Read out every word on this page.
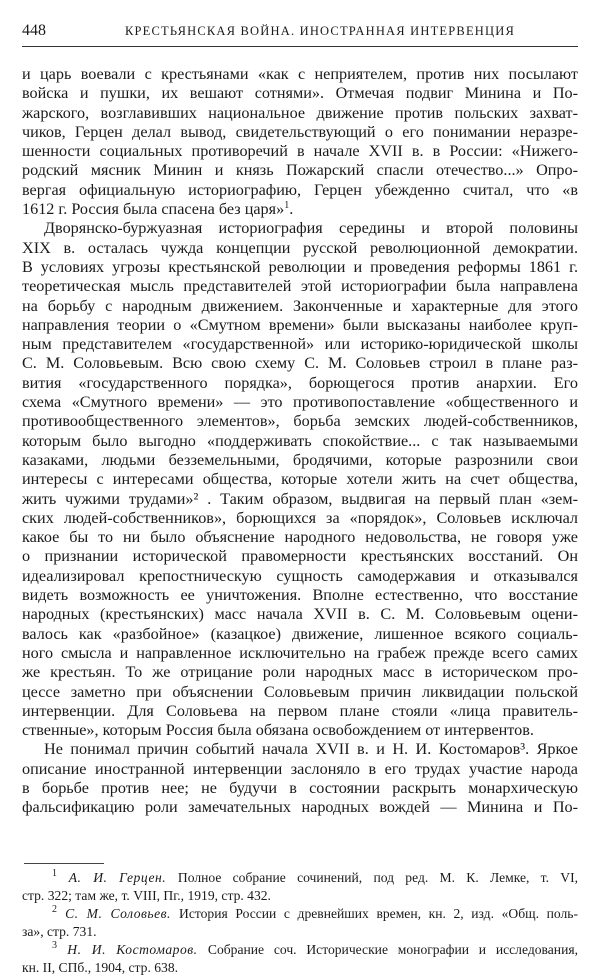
448	КРЕСТЬЯНСКАЯ ВОЙНА. ИНОСТРАННАЯ ИНТЕРВЕНЦИЯ
и царь воевали с крестьянами «как с неприятелем, против них посылают
войска и пушки, их вешают сотнями». Отмечая подвиг Минина и По-
жарского, возглавивших национальное движение против польских захват-
чиков, Герцен делал вывод, свидетельствующий о его понимании неразре-
шенности социальных противоречий в начале XVII в. в России: «Нижего-
родский мясник Минин и князь Пожарский спасли отечество...» Опро-
вергая официальную историографию, Герцен убежденно считал, что «в
1612 г. Россия была спасена без царя»$^1$.
Дворянско-буржуазная историография середины и второй половины
XIX в. осталась чужда концепции русской революционной демократии.
В условиях угрозы крестьянской революции и проведения реформы 1861 г.
теоретическая мысль представителей этой историографии была направлена
на борьбу с народным движением. Законченные и характерные для этого
направления теории о «Смутном времени» были высказаны наиболее круп-
ным представителем «государственной» или историко-юридической школы
С. М. Соловьевым. Всю свою схему С. М. Соловьев строил в плане раз-
вития «государственного порядка», борющегося против анархии. Его
схема «Смутного времени» — это противопоставление «общественного и
противообщественного элементов», борьба земских людей-собственников,
которым было выгодно «поддерживать спокойствие... с так называемыми
казаками, людьми безземельными, бродячими, которые разрознили свои
интересы с интересами общества, которые хотели жить на счет общества,
жить чужими трудами»² . Таким образом, выдвигая на первый план «зем-
ских людей-собственников», борющихся за «порядок», Соловьев исключал
какое бы то ни было объяснение народного недовольства, не говоря уже
о признании исторической правомерности крестьянских восстаний. Он
идеализировал крепостническую сущность самодержавия и отказывался
видеть возможность ее уничтожения. Вполне естественно, что восстание
народных (крестьянских) масс начала XVII в. С. М. Соловьевым оцени-
валось как «разбойное» (казацкое) движение, лишенное всякого социаль-
ного смысла и направленное исключительно на грабеж прежде всего самих
же крестьян. То же отрицание роли народных масс в историческом про-
цессе заметно при объяснении Соловьевым причин ликвидации польской
интервенции. Для Соловьева на первом плане стояли «лица правитель-
ственные», которым Россия была обязана освобождением от интервентов.
Не понимал причин событий начала XVII в. и Н. И. Костомаров³. Яркое
описание иностранной интервенции заслоняло в его трудах участие народа
в борьбе против нее; не будучи в состоянии раскрыть монархическую
фальсификацию роли замечательных народных вождей — Минина и По-
$^1$ А. И. Герцен. Полное собрание сочинений, под ред. М. К. Лемке, т. VI,
стр. 322; там же, т. VIII, Пг., 1919, стр. 432.
$^2$ С. М. Соловьев. История России с древнейших времен, кн. 2, изд. «Общ. поль-
за», стр. 731.
$^3$ Н. И. Костомаров. Собрание соч. Исторические монографии и исследования,
кн. II, СПб., 1904, стр. 638.
